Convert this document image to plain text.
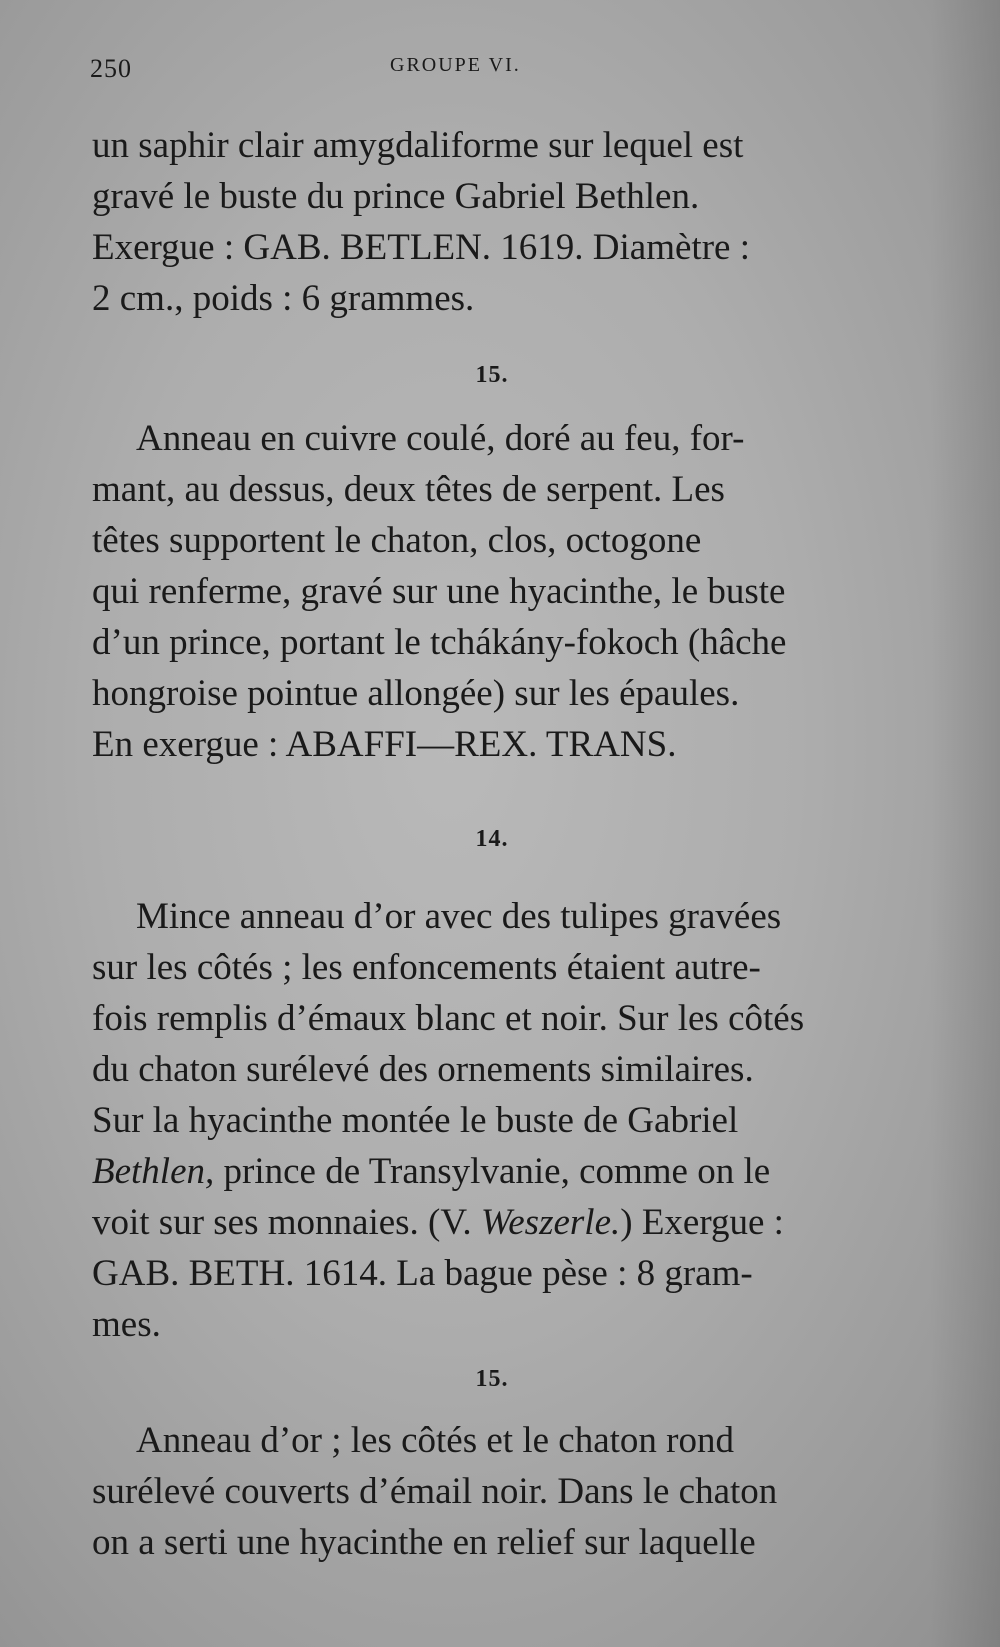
250	GROUPE VI.

un saphir clair amygdaliforme sur lequel est
gravé le buste du prince Gabriel Bethlen.
Exergue : GAB. BETLEN. 1619. Diamètre :
2 cm., poids : 6 grammes.

15.

Anneau en cuivre coulé, doré au feu, for-
mant, au dessus, deux têtes de serpent. Les
têtes supportent le chaton, clos, octogone
qui renferme, gravé sur une hyacinthe, le buste
d’un prince, portant le tchákány-fokoch (hâche
hongroise pointue allongée) sur les épaules.
En exergue : ABAFFI—REX. TRANS.

14.

Mince anneau d’or avec des tulipes gravées
sur les côtés ; les enfoncements étaient autre-
fois remplis d’émaux blanc et noir. Sur les côtés
du chaton surélevé des ornements similaires.
Sur la hyacinthe montée le buste de Gabriel
Bethlen, prince de Transylvanie, comme on le
voit sur ses monnaies. (V. Weszerle.) Exergue :
GAB. BETH. 1614. La bague pèse : 8 gram-
mes.

15.

Anneau d’or ; les côtés et le chaton rond
surélevé couverts d’émail noir. Dans le chaton
on a serti une hyacinthe en relief sur laquelle
